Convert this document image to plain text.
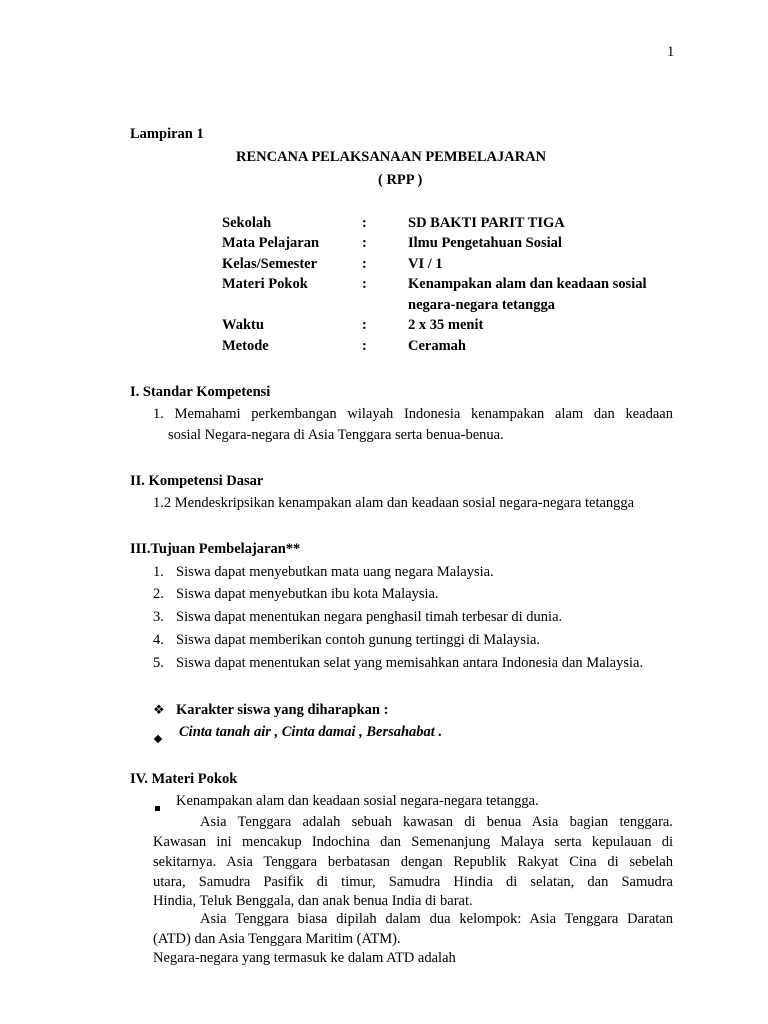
1
Lampiran 1
RENCANA PELAKSANAAN PEMBELAJARAN
( RPP )
Sekolah	:	SD BAKTI PARIT TIGA
Mata Pelajaran	:	Ilmu Pengetahuan Sosial
Kelas/Semester	:	VI / 1
Materi Pokok	:	Kenampakan alam dan keadaan sosial
negara-negara tetangga
Waktu	:	2 x 35 menit
Metode	:	Ceramah
I. Standar Kompetensi
1. Memahami perkembangan wilayah Indonesia kenampakan alam dan keadaan
sosial Negara-negara di Asia Tenggara serta benua-benua.
II. Kompetensi Dasar
1.2 Mendeskripsikan kenampakan alam dan keadaan sosial negara-negara tetangga
III.Tujuan Pembelajaran**
1. Siswa dapat menyebutkan mata uang negara Malaysia.
2. Siswa dapat menyebutkan ibu kota Malaysia.
3. Siswa dapat menentukan negara penghasil timah terbesar di dunia.
4. Siswa dapat memberikan contoh gunung tertinggi di Malaysia.
5. Siswa dapat menentukan selat yang memisahkan antara Indonesia dan Malaysia.
❖ Karakter siswa yang diharapkan :
Cinta tanah air , Cinta damai , Bersahabat .
IV. Materi Pokok
Kenampakan alam dan keadaan sosial negara-negara tetangga.
Asia Tenggara adalah sebuah kawasan di benua Asia bagian tenggara.
Kawasan ini mencakup Indochina dan Semenanjung Malaya serta kepulauan di
sekitarnya. Asia Tenggara berbatasan dengan Republik Rakyat Cina di sebelah
utara, Samudra Pasifik di timur, Samudra Hindia di selatan, dan Samudra
Hindia, Teluk Benggala, dan anak benua India di barat.
Asia Tenggara biasa dipilah dalam dua kelompok: Asia Tenggara Daratan
(ATD) dan Asia Tenggara Maritim (ATM).
Negara-negara yang termasuk ke dalam ATD adalah
